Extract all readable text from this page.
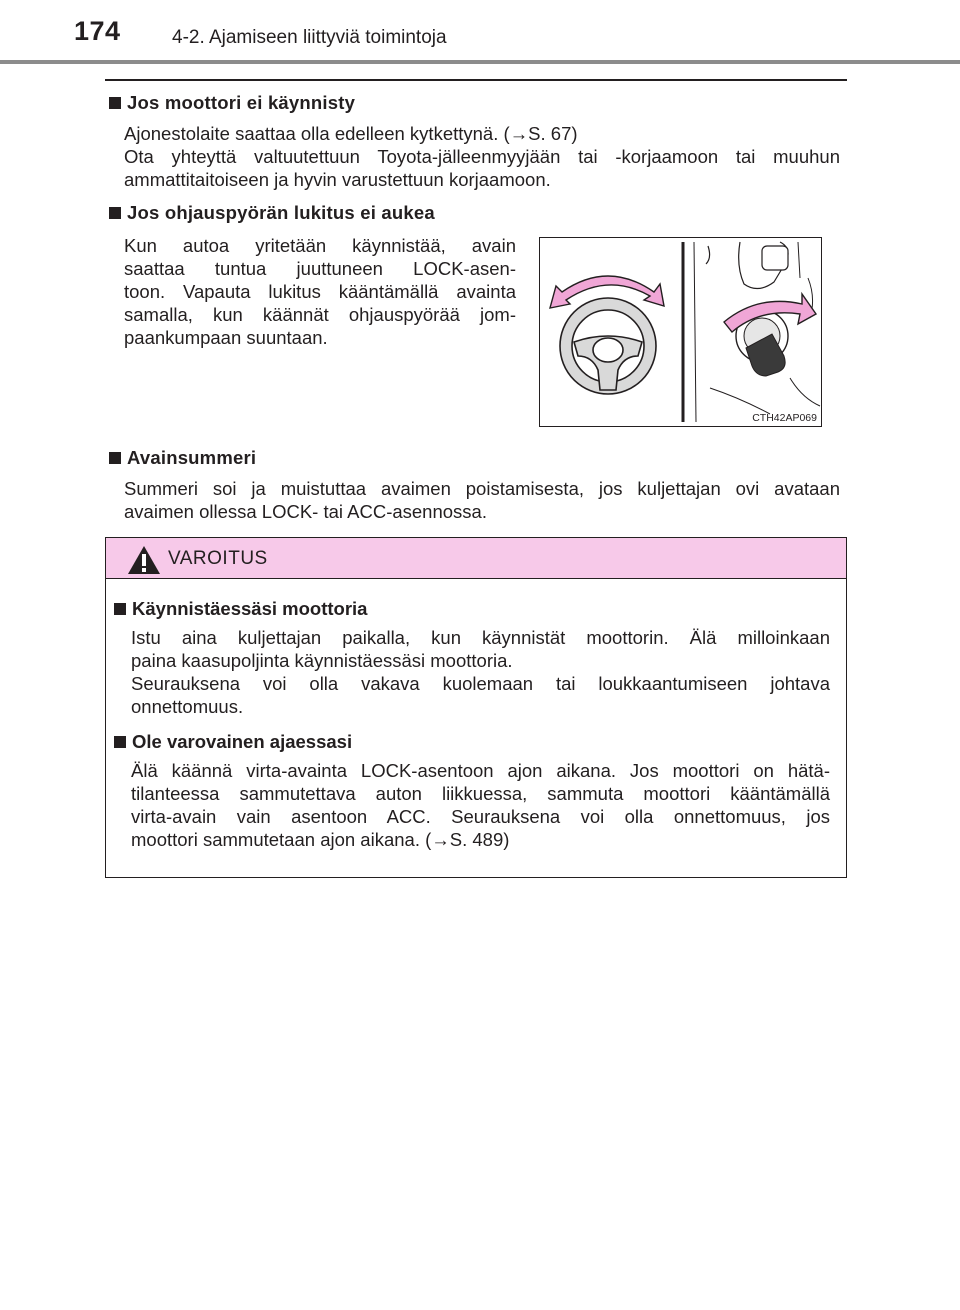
174	4-2. Ajamiseen liittyviä toimintoja
Jos moottori ei käynnisty
Ajonestolaite saattaa olla edelleen kytkettynä. (→S. 67)
Ota yhteyttä valtuutettuun Toyota-jälleenmyyjään tai -korjaamoon tai muuhun
ammattitaitoiseen ja hyvin varustettuun korjaamoon.
Jos ohjauspyörän lukitus ei aukea
Kun autoa yritetään käynnistää, avain
saattaa tuntua juuttuneen LOCK-asen-
toon. Vapauta lukitus kääntämällä avainta
samalla, kun käännät ohjauspyörää jom-
paankumpaan suuntaan.
CTH42AP069
Avainsummeri
Summeri soi ja muistuttaa avaimen poistamisesta, jos kuljettajan ovi avataan
avaimen ollessa LOCK- tai ACC-asennossa.
VAROITUS
Käynnistäessäsi moottoria
Istu aina kuljettajan paikalla, kun käynnistät moottorin. Älä milloinkaan
paina kaasupoljinta käynnistäessäsi moottoria.
Seurauksena voi olla vakava kuolemaan tai loukkaantumiseen johtava
onnettomuus.
Ole varovainen ajaessasi
Älä käännä virta-avainta LOCK-asentoon ajon aikana. Jos moottori on hätä-
tilanteessa sammutettava auton liikkuessa, sammuta moottori kääntämällä
virta-avain vain asentoon ACC. Seurauksena voi olla onnettomuus, jos
moottori sammutetaan ajon aikana. (→S. 489)
